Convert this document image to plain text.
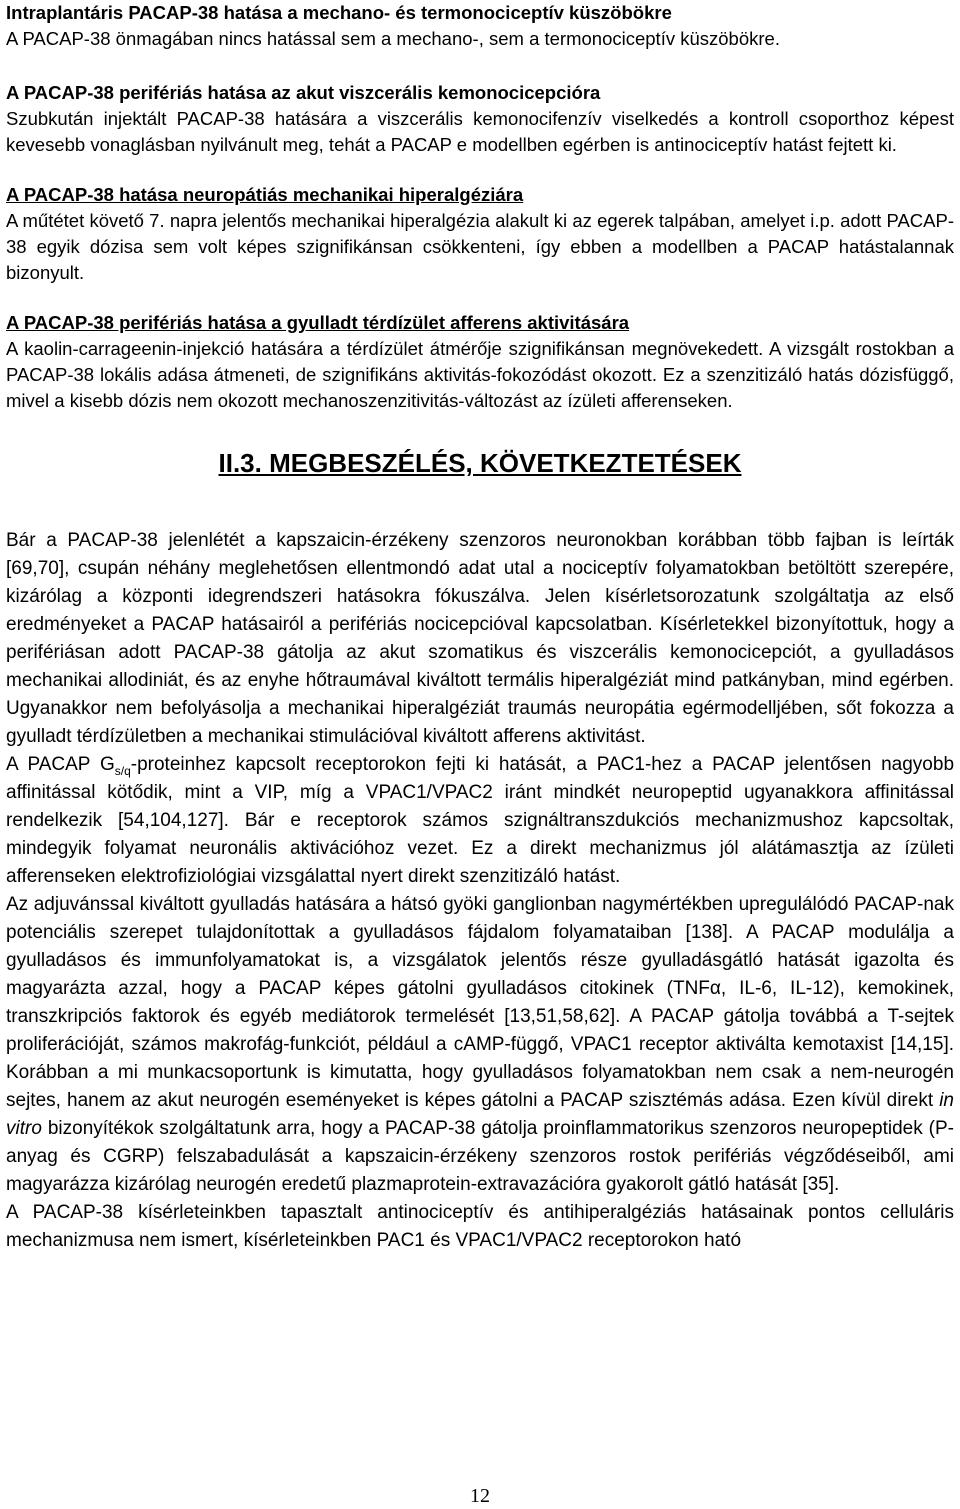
Intraplantáris PACAP-38 hatása a mechano- és termonociceptív küszöbökre

A PACAP-38 önmagában nincs hatással sem a mechano-, sem a termonociceptív küszöbökre.

A PACAP-38 perifériás hatása az akut viszcerális kemonocicepcióra

Szubkután injektált PACAP-38 hatására a viszcerális kemonocifenzív viselkedés a kontroll csoporthoz képest kevesebb vonaglásban nyilvánult meg, tehát a PACAP e modellben egérben is antinociceptív hatást fejtett ki.

A PACAP-38 hatása neuropátiás mechanikai hiperalgéziára

A műtétet követő 7. napra jelentős mechanikai hiperalgézia alakult ki az egerek talpában, amelyet i.p. adott PACAP-38 egyik dózisa sem volt képes szignifikánsan csökkenteni, így ebben a modellben a PACAP hatástalannak bizonyult.

A PACAP-38 perifériás hatása a gyulladt térdízület afferens aktivitására

A kaolin-carrageenin-injekció hatására a térdízület átmérője szignifikánsan megnövekedett. A vizsgált rostokban a PACAP-38 lokális adása átmeneti, de szignifikáns aktivitás-fokozódást okozott. Ez a szenzitizáló hatás dózisfüggő, mivel a kisebb dózis nem okozott mechanoszenzitivitás-változást az ízületi afferenseken.

II.3. MEGBESZÉLÉS, KÖVETKEZTETÉSEK

Bár a PACAP-38 jelenlétét a kapszaicin-érzékeny szenzoros neuronokban korábban több fajban is leírták [69,70], csupán néhány meglehetősen ellentmondó adat utal a nociceptív folyamatokban betöltött szerepére, kizárólag a központi idegrendszeri hatásokra fókuszálva. Jelen kísérletsorozatunk szolgáltatja az első eredményeket a PACAP hatásairól a perifériás nocicepcióval kapcsolatban. Kísérletekkel bizonyítottuk, hogy a perifériásan adott PACAP-38 gátolja az akut szomatikus és viszcerális kemonocicepciót, a gyulladásos mechanikai allodiniát, és az enyhe hőtraumával kiváltott termális hiperalgéziát mind patkányban, mind egérben. Ugyanakkor nem befolyásolja a mechanikai hiperalgéziát traumás neuropátia egérmodelljében, sőt fokozza a gyulladt térdízületben a mechanikai stimulációval kiváltott afferens aktivitást.

A PACAP $G_{s/q}$-proteinhez kapcsolt receptorokon fejti ki hatását, a PAC1-hez a PACAP jelentősen nagyobb affinitással kötődik, mint a VIP, míg a VPAC1/VPAC2 iránt mindkét neuropeptid ugyanakkora affinitással rendelkezik [54,104,127]. Bár e receptorok számos szignáltranszdukciós mechanizmushoz kapcsoltak, mindegyik folyamat neuronális aktivációhoz vezet. Ez a direkt mechanizmus jól alátámasztja az ízületi afferenseken elektrofiziológiai vizsgálattal nyert direkt szenzitizáló hatást.

Az adjuvánssal kiváltott gyulladás hatására a hátsó gyöki ganglionban nagymértékben upregulálódó PACAP-nak potenciális szerepet tulajdonítottak a gyulladásos fájdalom folyamataiban [138]. A PACAP modulálja a gyulladásos és immunfolyamatokat is, a vizsgálatok jelentős része gyulladásgátló hatását igazolta és magyarázta azzal, hogy a PACAP képes gátolni gyulladásos citokinek (TNFα, IL-6, IL-12), kemokinek, transzkripciós faktorok és egyéb mediátorok termelését [13,51,58,62]. A PACAP gátolja továbbá a T-sejtek proliferációját, számos makrofág-funkciót, például a cAMP-függő, VPAC1 receptor aktiválta kemotaxist [14,15]. Korábban a mi munkacsoportunk is kimutatta, hogy gyulladásos folyamatokban nem csak a nem-neurogén sejtes, hanem az akut neurogén eseményeket is képes gátolni a PACAP szisztémás adása. Ezen kívül direkt in vitro bizonyítékok szolgáltatunk arra, hogy a PACAP-38 gátolja proinflammatorikus szenzoros neuropeptidek (P-anyag és CGRP) felszabadulását a kapszaicin-érzékeny szenzoros rostok perifériás végződéseiből, ami magyarázza kizárólag neurogén eredetű plazmaprotein-extravazációra gyakorolt gátló hatását [35].

A PACAP-38 kísérleteinkben tapasztalt antinociceptív és antihiperalgéziás hatásainak pontos celluláris mechanizmusa nem ismert, kísérleteinkben PAC1 és VPAC1/VPAC2 receptorokon ható

12
